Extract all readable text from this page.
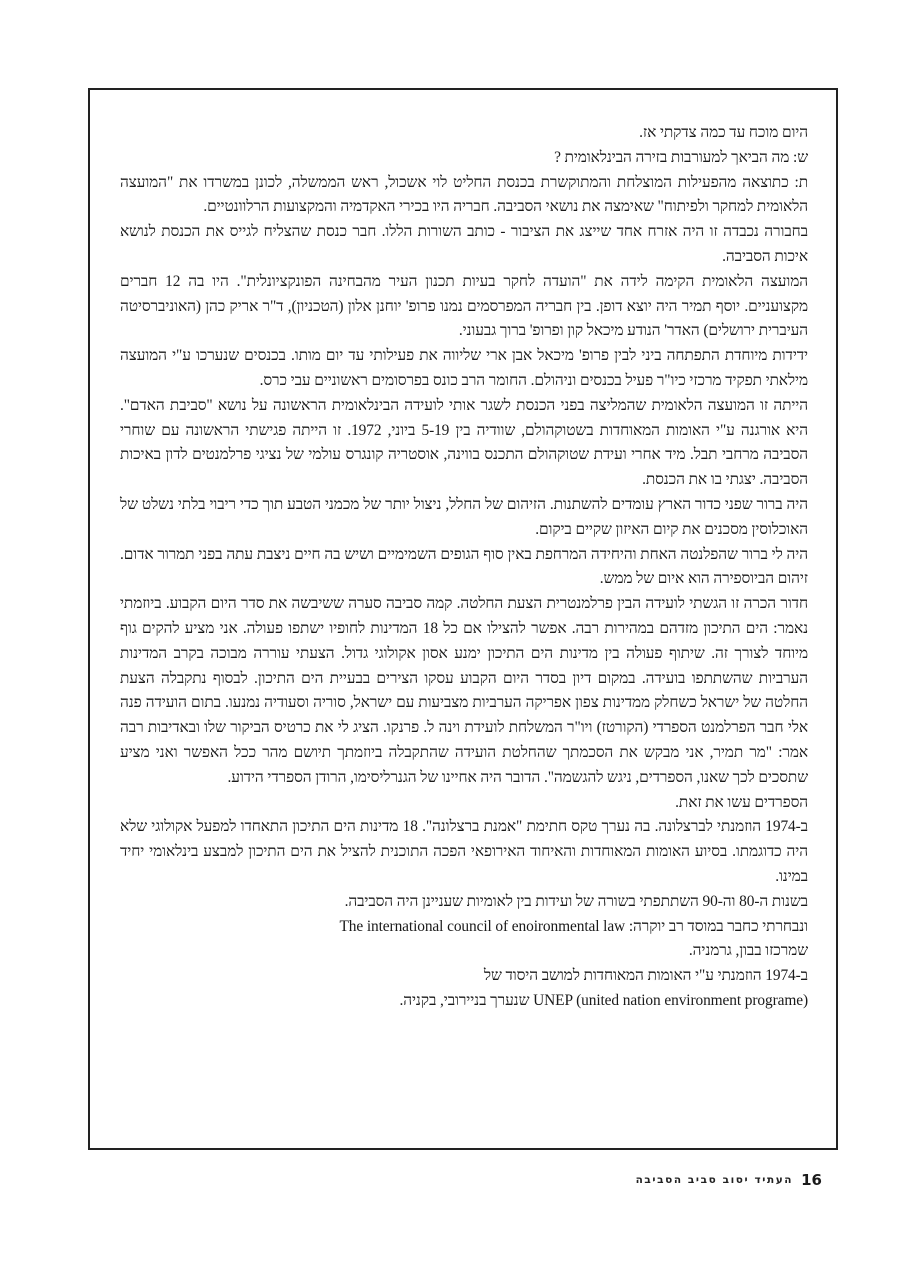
היום מוכח עד כמה צדקתי אז.

ש: מה הביאך למעורבות בזירה הבינלאומית ?

ת: כתוצאה מהפעילות המוצלחת והמתוקשרת בכנסת החליט לוי אשכול, ראש הממשלה, לכונן במשרדו את "המועצה הלאומית למחקר ולפיתוח" שאימצה את נושאי הסביבה. חבריה היו בכירי האקדמיה והמקצועות הרלוונטיים.

בחבורה נכבדה זו היה אזרח אחד שייצג את הציבור - כותב השורות הללו. חבר כנסת שהצליח לגייס את הכנסת לנושא איכות הסביבה.

המועצה הלאומית הקימה לידה את "הועדה לחקר בעיות תכנון העיר מהבחינה הפונקציונלית". היו בה 12 חברים מקצועניים. יוסף תמיר היה יוצא דופן. בין חבריה המפרסמים נמנו פרופ' יוחנן אלון (הטכניון), ד"ר אריק כהן (האוניברסיטה העיברית ירושלים) האדר' הנודע מיכאל קון ופרופ' ברוך גבעוני.

ידידות מיוחדת התפתחה ביני לבין פרופ' מיכאל אבן ארי שליווה את פעילותי עד יום מותו. בכנסים שנערכו ע"י המועצה מילאתי תפקיד מרכזי כיו"ר פעיל בכנסים וניהולם. החומר הרב כונס בפרסומים ראשוניים עבי כרס.

הייתה זו המועצה הלאומית שהמליצה בפני הכנסת לשגר אותי לועידה הבינלאומית הראשונה על נושא "סביבת האדם". היא אורגנה ע"י האומות המאוחדות בשטוקהולם, שוודיה בין 5-19 ביוני, 1972. זו הייתה פגישתי הראשונה עם שוחרי הסביבה מרחבי תבל. מיד אחרי ועידת שטוקהולם התכנס בווינה, אוסטריה קונגרס עולמי של נציגי פרלמנטים לדון באיכות הסביבה. יצגתי בו את הכנסת.

היה ברור שפני כדור הארץ עומדים להשתנות. הזיהום של החלל, ניצול יותר של מכמני הטבע תוך כדי ריבוי בלתי נשלט של האוכלוסין מסכנים את קיום האיזון שקיים ביקום.

היה לי ברור שהפלנטה האחת והיחידה המרחפת באין סוף הגופים השמימיים ושיש בה חיים ניצבת עתה בפני תמרור אדום. זיהום הביוספירה הוא איום של ממש.

חדור הכרה זו הגשתי לועידה הבין פרלמנטרית הצעת החלטה. קמה סביבה סערה ששיבשה את סדר היום הקבוע. ביוזמתי נאמר: הים התיכון מזדהם במהירות רבה. אפשר להצילו אם כל 18 המדינות לחופיו ישתפו פעולה. אני מציע להקים גוף מיוחד לצורך זה. שיתוף פעולה בין מדינות הים התיכון ימנע אסון אקולוגי גדול. הצעתי עוררה מבוכה בקרב המדינות הערביות שהשתתפו בועידה. במקום דיון בסדר היום הקבוע עסקו הצירים בבעיית הים התיכון. לבסוף נתקבלה הצעת החלטה של ישראל כשחלק ממדינות צפון אפריקה הערביות מצביעות עם ישראל, סוריה וסעודיה נמנעו. בתום הועידה פנה אלי חבר הפרלמנט הספרדי (הקורטז) ויו"ר המשלחת לועידת וינה ל. פרנקו. הציג לי את כרטיס הביקור שלו ובאדיבות רבה אמר: "מר תמיר, אני מבקש את הסכמתך שהחלטת הועידה שהתקבלה ביוזמתך תיושם מהר ככל האפשר ואני מציע שתסכים לכך שאנו, הספרדים, ניגש להגשמה". הדובר היה אחיינו של הגנרליסימו, הרודן הספרדי הידוע.

הספרדים עשו את זאת.

ב-1974 הוזמנתי לברצלונה. בה נערך טקס חתימת "אמנת ברצלונה". 18 מדינות הים התיכון התאחדו למפעל אקולוגי שלא היה כדוגמתו. בסיוע האומות המאוחדות והאיחוד האירופאי הפכה התוכנית להציל את הים התיכון למבצע בינלאומי יחיד במינו.

בשנות ה-80 וה-90 השתתפתי בשורה של ועידות בין לאומיות שעניינן היה הסביבה.

ונבחרתי כחבר במוסד רב יוקרה: The international council of enoironmental law

שמרכזו בבון, גרמניה.

ב-1974 הוזמנתי ע"י האומות המאוחדות למושב היסוד של

UNEP (united nation environment programe) שנערך בניירובי, בקניה.

16
העתיד יסוב סביב הסביבה
